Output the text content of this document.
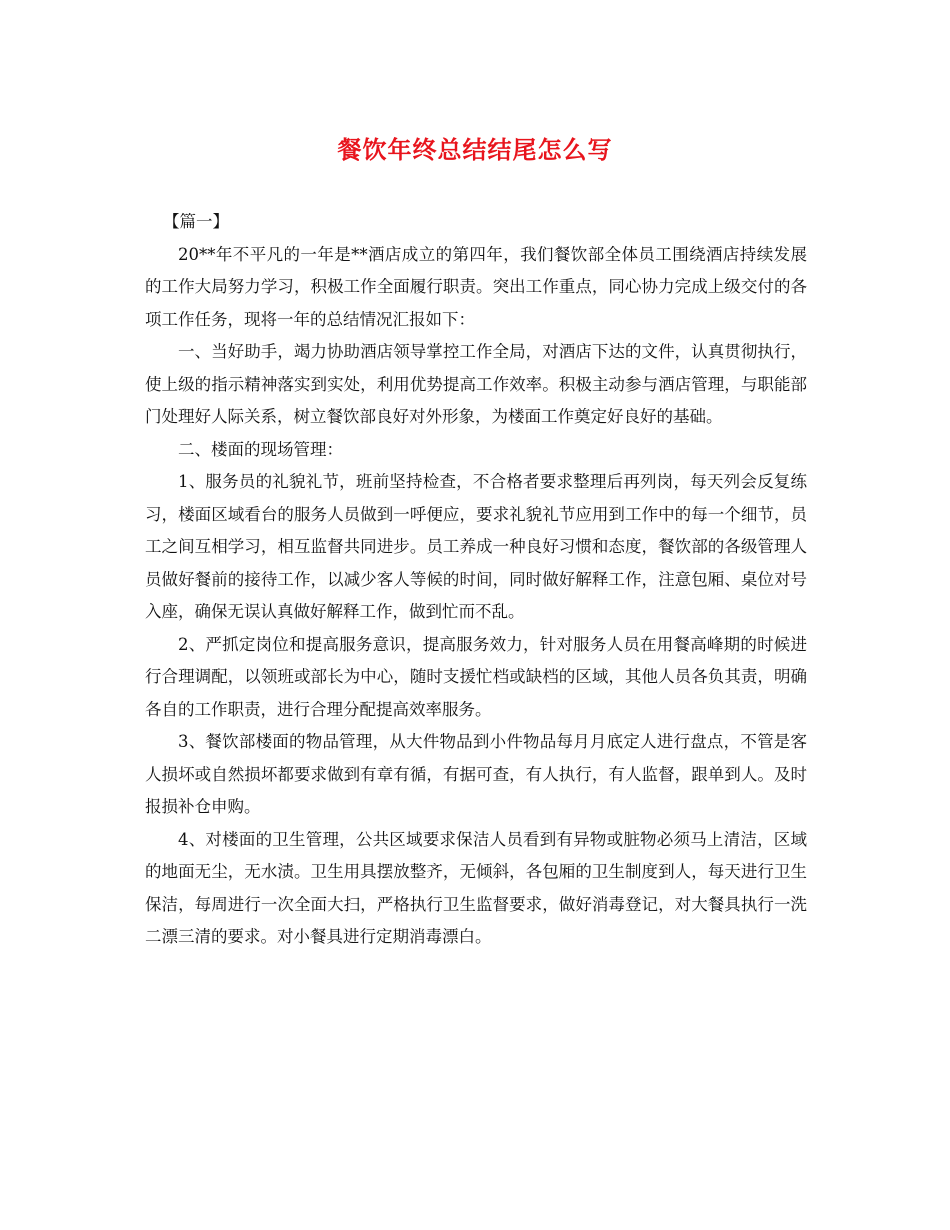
餐饮年终总结结尾怎么写

【篇一】

20**年不平凡的一年是**酒店成立的第四年，我们餐饮部全体员工围绕酒店持续发展的工作大局努力学习，积极工作全面履行职责。突出工作重点，同心协力完成上级交付的各项工作任务，现将一年的总结情况汇报如下：

一、当好助手，竭力协助酒店领导掌控工作全局，对酒店下达的文件，认真贯彻执行，使上级的指示精神落实到实处，利用优势提高工作效率。积极主动参与酒店管理，与职能部门处理好人际关系，树立餐饮部良好对外形象，为楼面工作奠定好良好的基础。

二、楼面的现场管理：

1、服务员的礼貌礼节，班前坚持检查，不合格者要求整理后再列岗，每天列会反复练习，楼面区域看台的服务人员做到一呼便应，要求礼貌礼节应用到工作中的每一个细节，员工之间互相学习，相互监督共同进步。员工养成一种良好习惯和态度，餐饮部的各级管理人员做好餐前的接待工作，以减少客人等候的时间，同时做好解释工作，注意包厢、桌位对号入座，确保无误认真做好解释工作，做到忙而不乱。

2、严抓定岗位和提高服务意识，提高服务效力，针对服务人员在用餐高峰期的时候进行合理调配，以领班或部长为中心，随时支援忙档或缺档的区域，其他人员各负其责，明确各自的工作职责，进行合理分配提高效率服务。

3、餐饮部楼面的物品管理，从大件物品到小件物品每月月底定人进行盘点，不管是客人损坏或自然损坏都要求做到有章有循，有据可查，有人执行，有人监督，跟单到人。及时报损补仓申购。

4、对楼面的卫生管理，公共区域要求保洁人员看到有异物或脏物必须马上清洁，区域的地面无尘，无水渍。卫生用具摆放整齐，无倾斜，各包厢的卫生制度到人，每天进行卫生保洁，每周进行一次全面大扫，严格执行卫生监督要求，做好消毒登记，对大餐具执行一洗二漂三清的要求。对小餐具进行定期消毒漂白。
